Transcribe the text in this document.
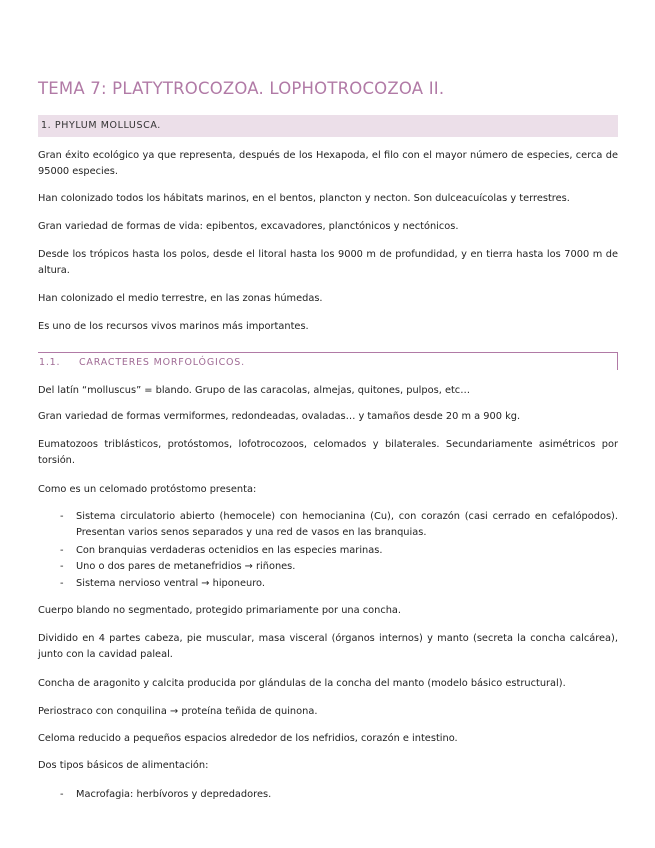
TEMA 7: PLATYTROCOZOA. LOPHOTROCOZOA II.
1. PHYLUM MOLLUSCA.
Gran éxito ecológico ya que representa, después de los Hexapoda, el filo con el mayor número de especies, cerca de 95000 especies.
Han colonizado todos los hábitats marinos, en el bentos, plancton y necton. Son dulceacuícolas y terrestres.
Gran variedad de formas de vida: epibentos, excavadores, planctónicos y nectónicos.
Desde los trópicos hasta los polos, desde el litoral hasta los 9000 m de profundidad, y en tierra hasta los 7000 m de altura.
Han colonizado el medio terrestre, en las zonas húmedas.
Es uno de los recursos vivos marinos más importantes.
1.1. CARACTERES MORFOLÓGICOS.
Del latín “molluscus” = blando. Grupo de las caracolas, almejas, quitones, pulpos, etc…
Gran variedad de formas vermiformes, redondeadas, ovaladas… y tamaños desde 20 m a 900 kg.
Eumatozoos triblásticos, protóstomos, lofotrocozoos, celomados y bilaterales. Secundariamente asimétricos por torsión.
Como es un celomado protóstomo presenta:
- Sistema circulatorio abierto (hemocele) con hemocianina (Cu), con corazón (casi cerrado en cefalópodos). Presentan varios senos separados y una red de vasos en las branquias.
- Con branquias verdaderas octenidios en las especies marinas.
- Uno o dos pares de metanefridios → riñones.
- Sistema nervioso ventral → hiponeuro.
Cuerpo blando no segmentado, protegido primariamente por una concha.
Dividido en 4 partes cabeza, pie muscular, masa visceral (órganos internos) y manto (secreta la concha calcárea), junto con la cavidad paleal.
Concha de aragonito y calcita producida por glándulas de la concha del manto (modelo básico estructural).
Periostraco con conquilina → proteína teñida de quinona.
Celoma reducido a pequeños espacios alrededor de los nefridios, corazón e intestino.
Dos tipos básicos de alimentación:
- Macrofagia: herbívoros y depredadores.
